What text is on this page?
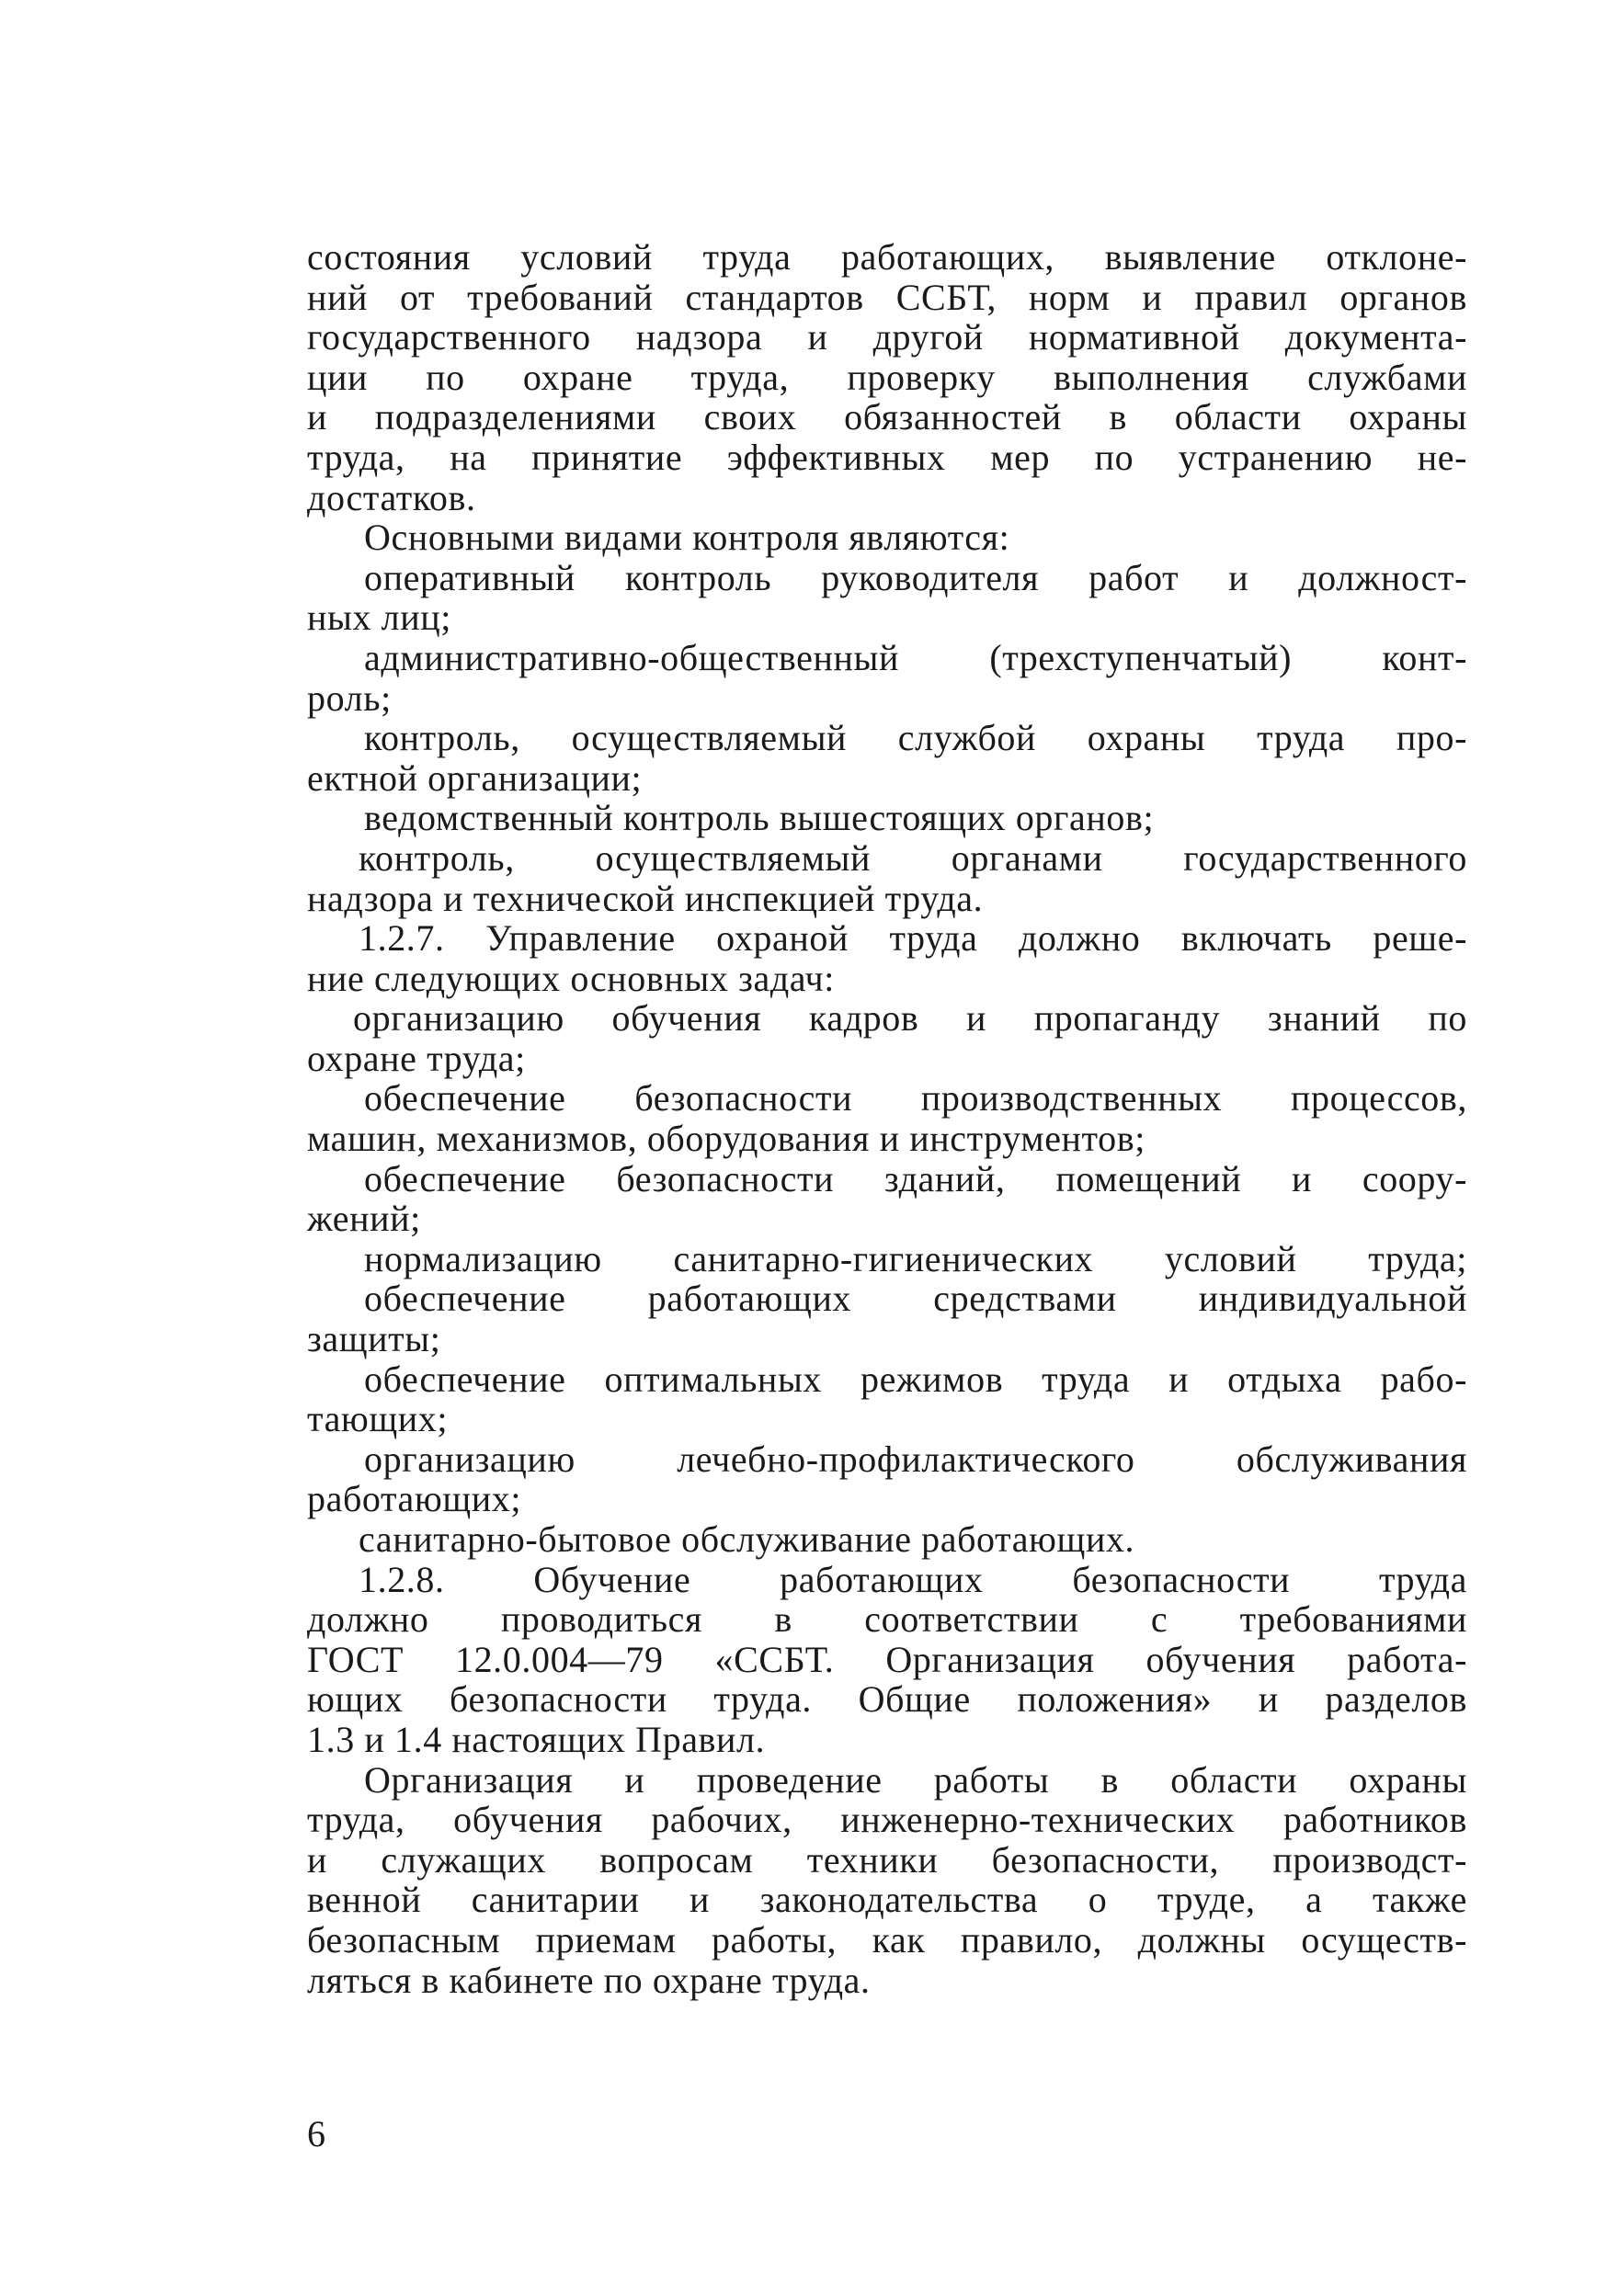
состояния условий труда работающих, выявление отклоне-
ний от требований стандартов ССБТ, норм и правил органов
государственного надзора и другой нормативной документа-
ции по охране труда, проверку выполнения службами
и подразделениями своих обязанностей в области охраны
труда, на принятие эффективных мер по устранению не-
достатков.
Основными видами контроля являются:
оперативный контроль руководителя работ и должност-
ных лиц;
административно-общественный (трехступенчатый) конт-
роль;
контроль, осуществляемый службой охраны труда про-
ектной организации;
ведомственный контроль вышестоящих органов;
контроль, осуществляемый органами государственного
надзора и технической инспекцией труда.
1.2.7. Управление охраной труда должно включать реше-
ние следующих основных задач:
организацию обучения кадров и пропаганду знаний по
охране труда;
обеспечение безопасности производственных процессов,
машин, механизмов, оборудования и инструментов;
обеспечение безопасности зданий, помещений и соору-
жений;
нормализацию санитарно-гигиенических условий труда;
обеспечение работающих средствами индивидуальной
защиты;
обеспечение оптимальных режимов труда и отдыха рабо-
тающих;
организацию лечебно-профилактического обслуживания
работающих;
санитарно-бытовое обслуживание работающих.
1.2.8. Обучение работающих безопасности труда
должно проводиться в соответствии с требованиями
ГОСТ 12.0.004—79 «ССБТ. Организация обучения работа-
ющих безопасности труда. Общие положения» и разделов
1.3 и 1.4 настоящих Правил.
Организация и проведение работы в области охраны
труда, обучения рабочих, инженерно-технических работников
и служащих вопросам техники безопасности, производст-
венной санитарии и законодательства о труде, а также
безопасным приемам работы, как правило, должны осуществ-
ляться в кабинете по охране труда.
6
